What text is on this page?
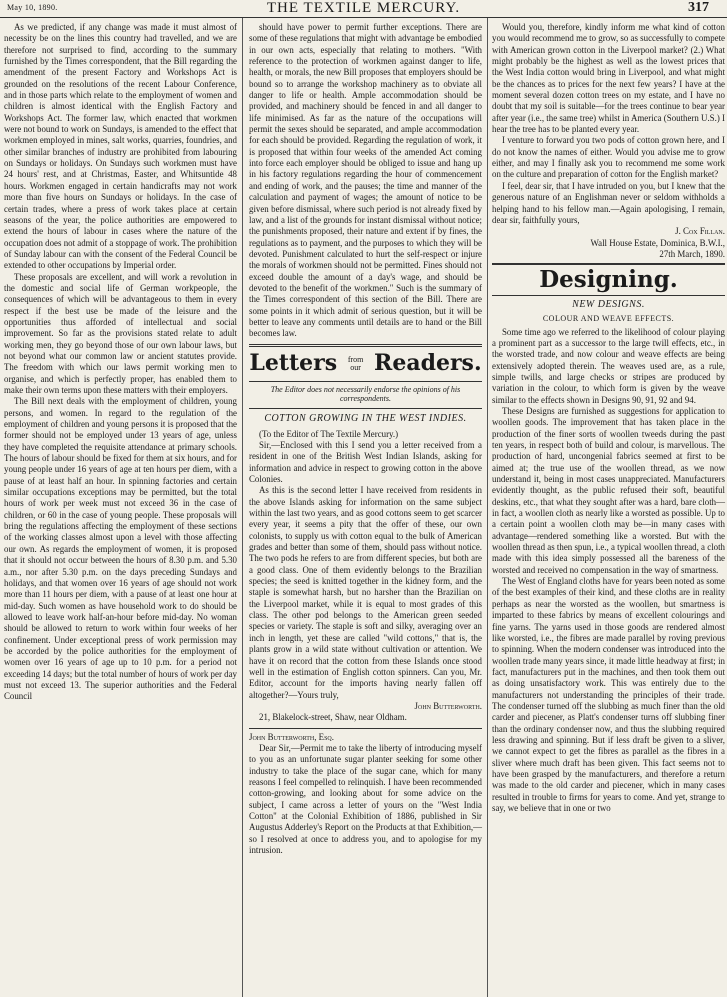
May 10, 1890.	THE TEXTILE MERCURY.	317

As we predicted, if any change was made it must almost of necessity be on the lines this country had travelled, and we are therefore not surprised to find, according to the summary furnished by the Times correspondent, that the Bill regarding the amendment of the present Factory and Workshops Act is grounded on the resolutions of the recent Labour Conference, and in those parts which relate to the employment of women and children is almost identical with the English Factory and Workshops Act. The former law, which enacted that workmen were not bound to work on Sundays, is amended to the effect that workmen employed in mines, salt works, quarries, foundries, and other similar branches of industry are prohibited from labouring on Sundays or holidays. On Sundays such workmen must have 24 hours' rest, and at Christmas, Easter, and Whitsuntide 48 hours. Workmen engaged in certain handicrafts may not work more than five hours on Sundays or holidays. In the case of certain trades, where a press of work takes place at certain seasons of the year, the police authorities are empowered to extend the hours of labour in cases where the nature of the occupation does not admit of a stoppage of work. The prohibition of Sunday labour can with the consent of the Federal Council be extended to other occupations by Imperial order.

These proposals are excellent, and will work a revolution in the domestic and social life of German workpeople, the consequences of which will be advantageous to them in every respect if the best use be made of the leisure and the opportunities thus afforded of intellectual and social improvement. So far as the provisions stated relate to adult working men, they go beyond those of our own labour laws, but not beyond what our common law or ancient statutes provide. The freedom with which our laws permit working men to organise, and which is perfectly proper, has enabled them to make their own terms upon these matters with their employers.

The Bill next deals with the employment of children, young persons, and women. In regard to the regulation of the employment of children and young persons it is proposed that the former should not be employed under 13 years of age, unless they have completed the requisite attendance at primary schools. The hours of labour should be fixed for them at six hours, and for young people under 16 years of age at ten hours per diem, with a pause of at least half an hour. In spinning factories and certain similar occupations exceptions may be permitted, but the total hours of work per week must not exceed 36 in the case of children, or 60 in the case of young people. These proposals will bring the regulations affecting the employment of these sections of the working classes almost upon a level with those affecting our own. As regards the employment of women, it is proposed that it should not occur between the hours of 8.30 p.m. and 5.30 a.m., nor after 5.30 p.m. on the days preceding Sundays and holidays, and that women over 16 years of age should not work more than 11 hours per diem, with a pause of at least one hour at mid-day. Such women as have household work to do should be allowed to leave work half-an-hour before mid-day. No woman should be allowed to return to work within four weeks of her confinement. Under exceptional press of work permission may be accorded by the police authorities for the employment of women over 16 years of age up to 10 p.m. for a period not exceeding 14 days; but the total number of hours of work per day must not exceed 13. The superior authorities and the Federal Council

should have power to permit further exceptions. There are some of these regulations that might with advantage be embodied in our own acts, especially that relating to mothers. "With reference to the protection of workmen against danger to life, health, or morals, the new Bill proposes that employers should be bound so to arrange the workshop machinery as to obviate all danger to life or health. Ample accommodation should be provided, and machinery should be fenced in and all danger to life minimised. As far as the nature of the occupations will permit the sexes should be separated, and ample accommodation for each should be provided. Regarding the regulation of work, it is proposed that within four weeks of the amended Act coming into force each employer should be obliged to issue and hang up in his factory regulations regarding the hour of commencement and ending of work, and the pauses; the time and manner of the calculation and payment of wages; the amount of notice to be given before dismissal, where such period is not already fixed by law, and a list of the grounds for instant dismissal without notice; the punishments proposed, their nature and extent if by fines, the regulations as to payment, and the purposes to which they will be devoted. Punishment calculated to hurt the self-respect or injure the morals of workmen should not be permitted. Fines should not exceed double the amount of a day's wage, and should be devoted to the benefit of the workmen." Such is the summary of the Times correspondent of this section of the Bill. There are some points in it which admit of serious question, but it will be better to leave any comments until details are to hand or the Bill becomes law.

Letters from
our Readers.
The Editor does not necessarily endorse the opinions of his correspondents.
COTTON GROWING IN THE WEST INDIES.

(To the Editor of The Textile Mercury.)

Sir,—Enclosed with this I send you a letter received from a resident in one of the British West Indian Islands, asking for information and advice in respect to growing cotton in the above Colonies.

As this is the second letter I have received from residents in the above Islands asking for information on the same subject within the last two years, and as good cottons seem to get scarcer every year, it seems a pity that the offer of these, our own colonists, to supply us with cotton equal to the bulk of American grades and better than some of them, should pass without notice. The two pods he refers to are from different species, but both are a good class. One of them evidently belongs to the Brazilian species; the seed is knitted together in the kidney form, and the staple is somewhat harsh, but no harsher than the Brazilian on the Liverpool market, while it is equal to most grades of this class. The other pod belongs to the American green seeded species or variety. The staple is soft and silky, averaging over an inch in length, yet these are called "wild cottons," that is, the plants grow in a wild state without cultivation or attention. We have it on record that the cotton from these Islands once stood well in the estimation of English cotton spinners. Can you, Mr. Editor, account for the imports having nearly fallen off altogether?—Yours truly,

John Butterworth.

21, Blakelock-street, Shaw, near Oldham.

John Butterworth, Esq.

Dear Sir,—Permit me to take the liberty of introducing myself to you as an unfortunate sugar planter seeking for some other industry to take the place of the sugar cane, which for many reasons I feel compelled to relinquish. I have been recommended cotton-growing, and looking about for some advice on the subject, I came across a letter of yours on the "West India Cotton" at the Colonial Exhibition of 1886, published in Sir Augustus Adderley's Report on the Products at that Exhibition,—so I resolved at once to address you, and to apologise for my intrusion.

Would you, therefore, kindly inform me what kind of cotton you would recommend me to grow, so as successfully to compete with American grown cotton in the Liverpool market? (2.) What might probably be the highest as well as the lowest prices that the West India cotton would bring in Liverpool, and what might be the chances as to prices for the next few years? I have at the moment several dozen cotton trees on my estate, and I have no doubt that my soil is suitable—for the trees continue to bear year after year (i.e., the same tree) whilst in America (Southern U.S.) I hear the tree has to be planted every year.

I venture to forward you two pods of cotton grown here, and I do not know the names of either. Would you advise me to grow either, and may I finally ask you to recommend me some work on the culture and preparation of cotton for the English market?

I feel, dear sir, that I have intruded on you, but I knew that the generous nature of an Englishman never or seldom withholds a helping hand to his fellow man.—Again apologising, I remain, dear sir, faithfully yours,

J. Cox Fillan.

Wall House Estate, Dominica, B.W.I.,

27th March, 1890.

Designing.
NEW DESIGNS.
COLOUR AND WEAVE EFFECTS.

Some time ago we referred to the likelihood of colour playing a prominent part as a successor to the large twill effects, etc., in the worsted trade, and now colour and weave effects are being extensively adopted therein. The weaves used are, as a rule, simple twills, and large checks or stripes are produced by variation in the colour, to which form is given by the weave similar to the effects shown in Designs 90, 91, 92 and 94.

These Designs are furnished as suggestions for application to woollen goods. The improvement that has taken place in the production of the finer sorts of woollen tweeds during the past ten years, in respect both of build and colour, is marvellous. The production of hard, uncongenial fabrics seemed at first to be aimed at; the true use of the woollen thread, as we now understand it, being in most cases unappreciated. Manufacturers evidently thought, as the public refused their soft, beautiful deskins, etc., that what they sought after was a hard, bare cloth—in fact, a woollen cloth as nearly like a worsted as possible. Up to a certain point a woollen cloth may be—in many cases with advantage—rendered something like a worsted. But with the woollen thread as then spun, i.e., a typical woollen thread, a cloth made with this idea simply possessed all the bareness of the worsted and received no compensation in the way of smartness.

The West of England cloths have for years been noted as some of the best examples of their kind, and these cloths are in reality perhaps as near the worsted as the woollen, but smartness is imparted to these fabrics by means of excellent colourings and fine yarns. The yarns used in those goods are rendered almost like worsted, i.e., the fibres are made parallel by roving previous to spinning. When the modern condenser was introduced into the woollen trade many years since, it made little headway at first; in fact, manufacturers put in the machines, and then took them out as doing unsatisfactory work. This was entirely due to the manufacturers not understanding the principles of their trade. The condenser turned off the slubbing as much finer than the old carder and piecener, as Platt's condenser turns off slubbing finer than the ordinary condenser now, and thus the slubbing required less drawing and spinning. But if less draft be given to a sliver, we cannot expect to get the fibres as parallel as the fibres in a sliver where much draft has been given. This fact seems not to have been grasped by the manufacturers, and therefore a return was made to the old carder and piecener, which in many cases resulted in trouble to firms for years to come. And yet, strange to say, we believe that in one or two
